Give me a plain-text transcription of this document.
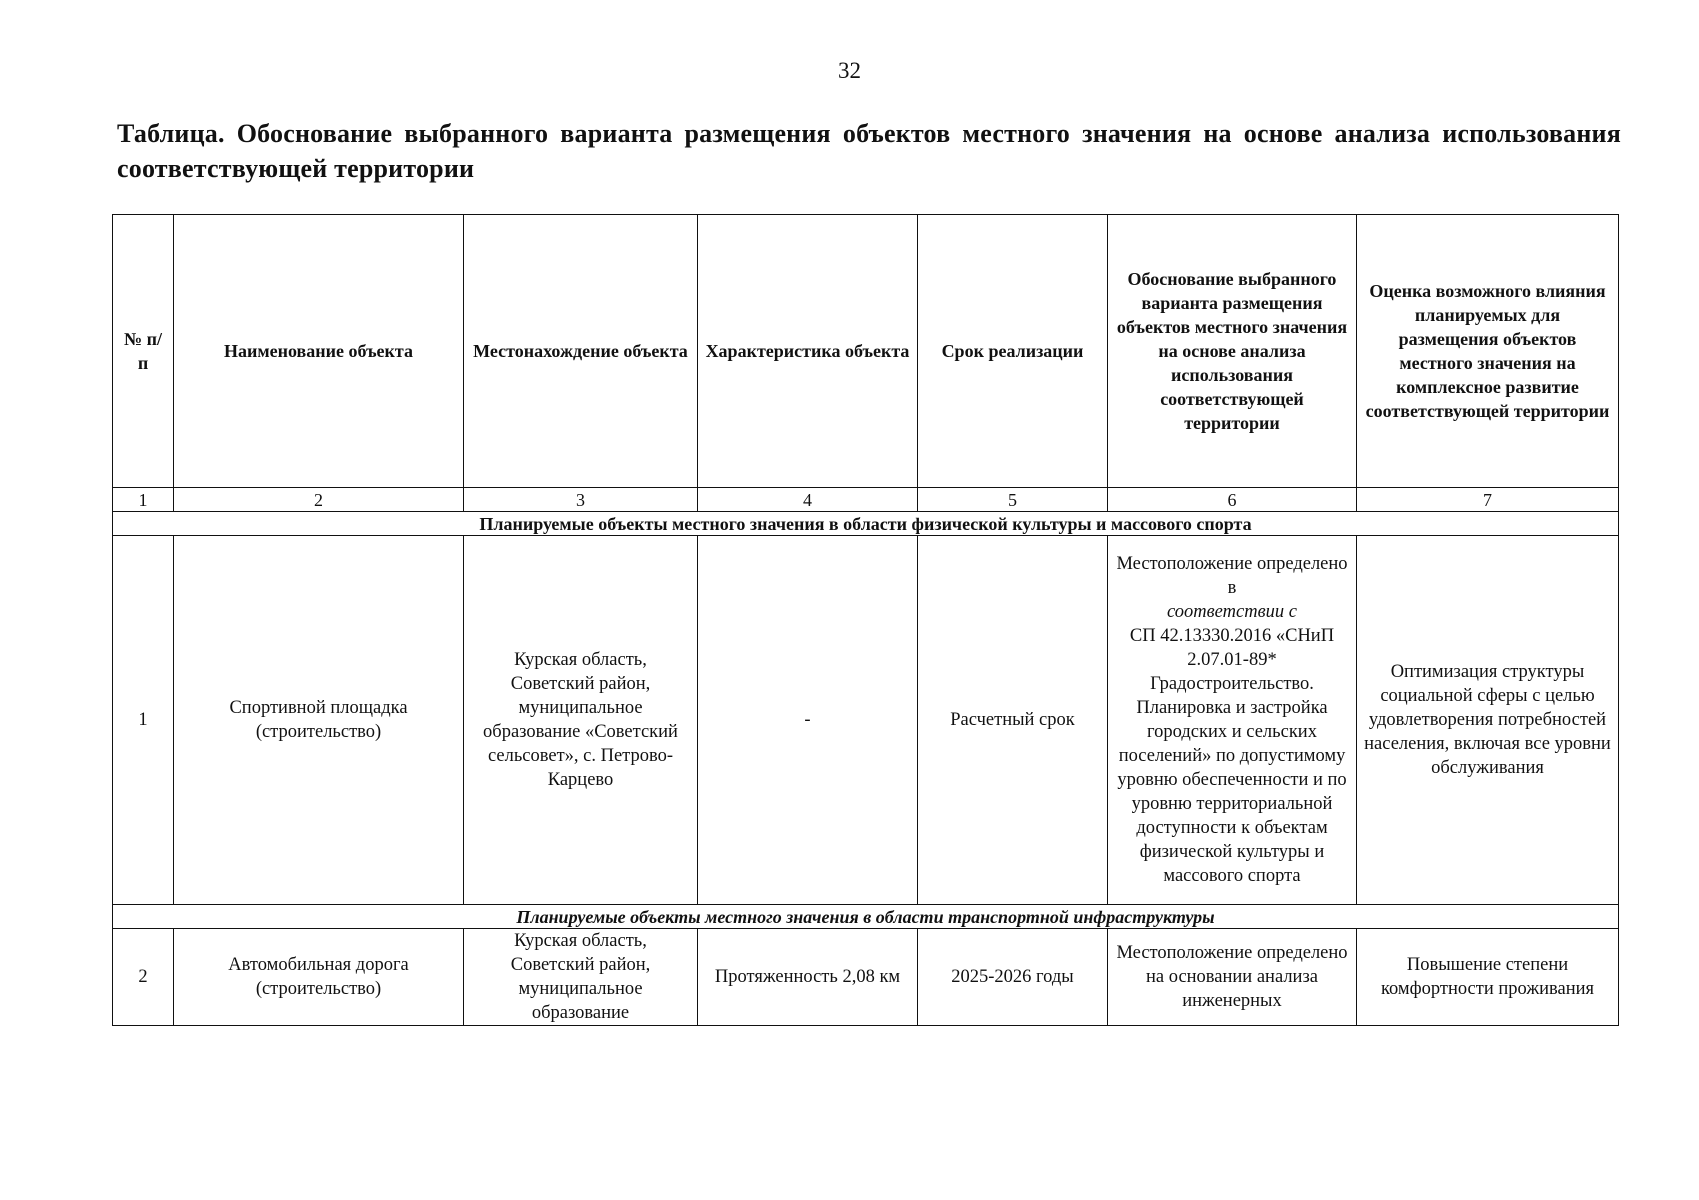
32
Таблица. Обоснование выбранного варианта размещения объектов местного значения на основе анализа использования соответствующей территории
№ п/п	Наименование объекта	Местонахождение объекта	Характеристика объекта	Срок реализации	Обоснование выбранного варианта размещения объектов местного значения на основе анализа использования соответствующей территории	Оценка возможного влияния планируемых для размещения объектов местного значения на комплексное развитие соответствующей территории
1	2	3	4	5	6	7
Планируемые объекты местного значения в области физической культуры и массового спорта						
1	Спортивной площадка (строительство)	Курская область, Советский район, муниципальное образование «Советский сельсовет», с. Петрово-Карцево	-	Расчетный срок	Местоположение определено в
соответствии с
СП 42.13330.2016 «СНиП 2.07.01-89* Градостроительство. Планировка и застройка городских и сельских поселений» по допустимому уровню обеспеченности и по уровню территориальной доступности к объектам физической культуры и массового спорта	Оптимизация структуры социальной сферы с целью удовлетворения потребностей населения, включая все уровни обслуживания
Планируемые объекты местного значения в области транспортной инфраструктуры						
2	Автомобильная дорога (строительство)	Курская область, Советский район, муниципальное образование	Протяженность 2,08 км	2025-2026 годы	Местоположение определено на основании анализа инженерных	Повышение степени комфортности проживания
